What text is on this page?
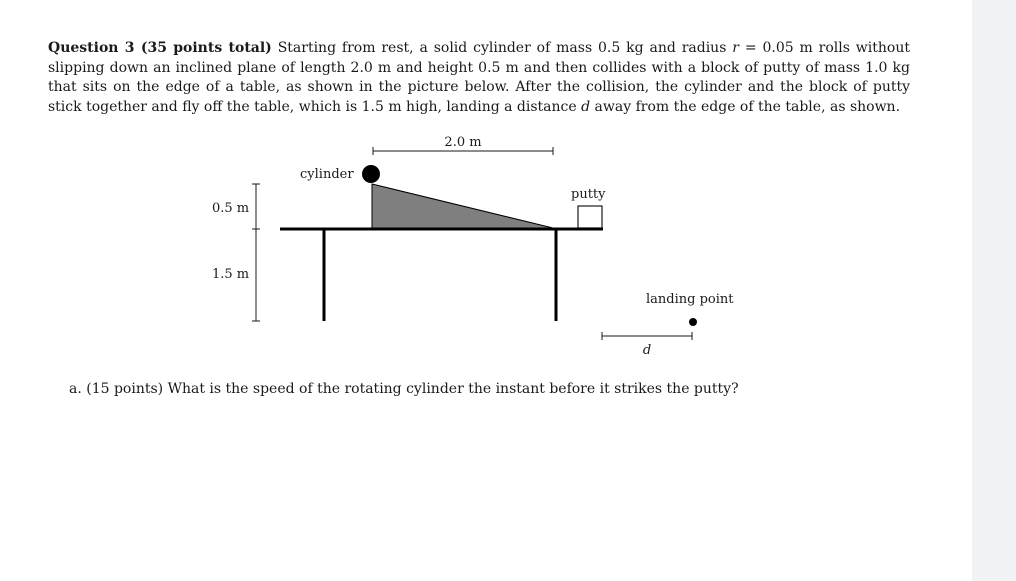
Question 3 (35 points total) Starting from rest, a solid cylinder of mass 0.5 kg and radius r = 0.05 m rolls without slipping down an inclined plane of length 2.0 m and height 0.5 m and then collides with a block of putty of mass 1.0 kg that sits on the edge of a table, as shown in the picture below. After the collision, the cylinder and the block of putty stick together and fly off the table, which is 1.5 m high, landing a distance d away from the edge of the table, as shown.
2.0 m
cylinder
putty
0.5 m
1.5 m
landing point
d
a. (15 points) What is the speed of the rotating cylinder the instant before it strikes the putty?
